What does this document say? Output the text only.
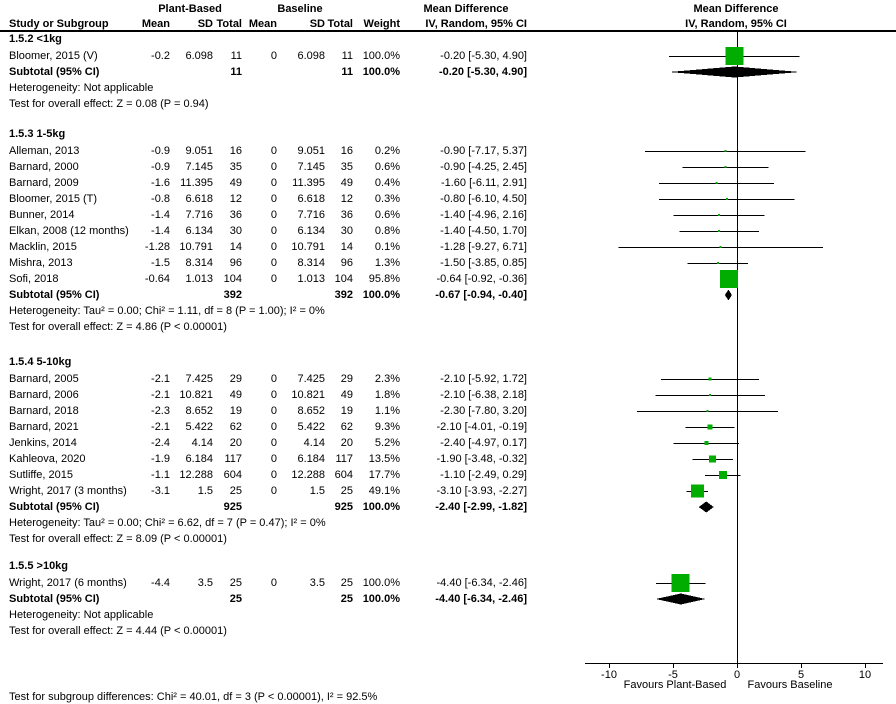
Plant-Based	Baseline	Mean Difference	Mean Difference
Study or Subgroup	Mean	SD Total Mean	SD Total Weight IV, Random, 95% CI	IV, Random, 95% CI
1.5.2 <1kg
Bloomer, 2015 (V)	-0.2 6.098 11	0 6.098 11 100.0%	-0.20 [-5.30, 4.90]
Subtotal (95% CI)	11	11 100.0%	-0.20 [-5.30, 4.90]
Heterogeneity: Not applicable
Test for overall effect: Z = 0.08 (P = 0.94)
1.5.3 1-5kg
Alleman, 2013	-0.9 9.051 16	0 9.051 16 0.2%	-0.90 [-7.17, 5.37]
Barnard, 2000	-0.9 7.145 35	0 7.145 35 0.6%	-0.90 [-4.25, 2.45]
Barnard, 2009	-1.6 11.395 49	0 11.395 49 0.4%	-1.60 [-6.11, 2.91]
Bloomer, 2015 (T)	-0.8 6.618 12	0 6.618 12 0.3%	-0.80 [-6.10, 4.50]
Bunner, 2014	-1.4 7.716 36	0 7.716 36 0.6%	-1.40 [-4.96, 2.16]
Elkan, 2008 (12 months) -1.4 6.134 30	0 6.134 30 0.8%	-1.40 [-4.50, 1.70]
Macklin, 2015	-1.28 10.791 14	0 10.791 14 0.1%	-1.28 [-9.27, 6.71]
Mishra, 2013	-1.5 8.314 96	0 8.314 96 1.3%	-1.50 [-3.85, 0.85]
Sofi, 2018	-0.64 1.013 104	0 1.013 104 95.8%	-0.64 [-0.92, -0.36]
Subtotal (95% CI)	392	392 100.0%	-0.67 [-0.94, -0.40]
Heterogeneity: Tau² = 0.00; Chi² = 1.11, df = 8 (P = 1.00); I² = 0%
Test for overall effect: Z = 4.86 (P < 0.00001)
1.5.4 5-10kg
Barnard, 2005	-2.1 7.425 29	0 7.425 29 2.3%	-2.10 [-5.92, 1.72]
Barnard, 2006	-2.1 10.821 49	0 10.821 49 1.8%	-2.10 [-6.38, 2.18]
Barnard, 2018	-2.3 8.652 19	0 8.652 19 1.1%	-2.30 [-7.80, 3.20]
Barnard, 2021	-2.1 5.422 62	0 5.422 62 9.3%	-2.10 [-4.01, -0.19]
Jenkins, 2014	-2.4 4.14 20	0 4.14 20 5.2%	-2.40 [-4.97, 0.17]
Kahleova, 2020	-1.9 6.184 117	0 6.184 117 13.5%	-1.90 [-3.48, -0.32]
Sutliffe, 2015	-1.1 12.288 604	0 12.288 604 17.7%	-1.10 [-2.49, 0.29]
Wright, 2017 (3 months) -3.1	1.5 25	0	1.5 25 49.1%	-3.10 [-3.93, -2.27]
Subtotal (95% CI)	925	925 100.0%	-2.40 [-2.99, -1.82]
Heterogeneity: Tau² = 0.00; Chi² = 6.62, df = 7 (P = 0.47); I² = 0%
Test for overall effect: Z = 8.09 (P < 0.00001)
1.5.5 >10kg
Wright, 2017 (6 months) -4.4	3.5 25	0	3.5 25 100.0%	-4.40 [-6.34, -2.46]
Subtotal (95% CI)	25	25 100.0%	-4.40 [-6.34, -2.46]
Heterogeneity: Not applicable
Test for overall effect: Z = 4.44 (P < 0.00001)
-10	-5	0	5	10
Favours Plant-Based Favours Baseline
Test for subgroup differences: Chi² = 40.01, df = 3 (P < 0.00001), I² = 92.5%
